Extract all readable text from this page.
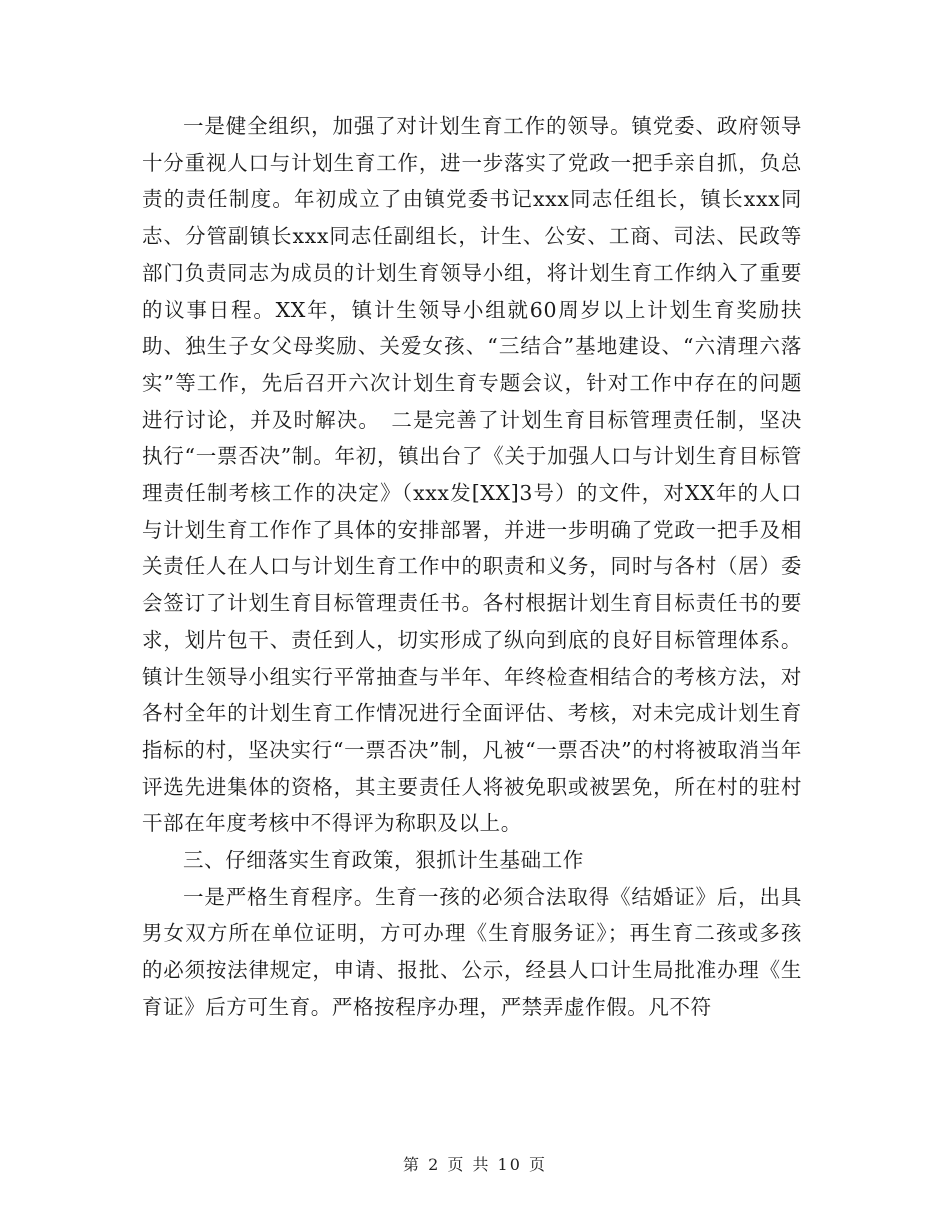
一是健全组织，加强了对计划生育工作的领导。镇党委、政府领导十分重视人口与计划生育工作，进一步落实了党政一把手亲自抓，负总责的责任制度。年初成立了由镇党委书记xxx同志任组长，镇长xxx同志、分管副镇长xxx同志任副组长，计生、公安、工商、司法、民政等部门负责同志为成员的计划生育领导小组，将计划生育工作纳入了重要的议事日程。XX年，镇计生领导小组就60周岁以上计划生育奖励扶助、独生子女父母奖励、关爱女孩、“三结合”基地建设、“六清理六落实”等工作，先后召开六次计划生育专题会议，针对工作中存在的问题进行讨论，并及时解决。　二是完善了计划生育目标管理责任制，坚决执行“一票否决”制。年初，镇出台了《关于加强人口与计划生育目标管理责任制考核工作的决定》（xxx发[XX]3号）的文件，对XX年的人口与计划生育工作作了具体的安排部署，并进一步明确了党政一把手及相关责任人在人口与计划生育工作中的职责和义务，同时与各村（居）委会签订了计划生育目标管理责任书。各村根据计划生育目标责任书的要求，划片包干、责任到人，切实形成了纵向到底的良好目标管理体系。镇计生领导小组实行平常抽查与半年、年终检查相结合的考核方法，对各村全年的计划生育工作情况进行全面评估、考核，对未完成计划生育指标的村，坚决实行“一票否决”制，凡被“一票否决”的村将被取消当年评选先进集体的资格，其主要责任人将被免职或被罢免，所在村的驻村干部在年度考核中不得评为称职及以上。

三、仔细落实生育政策，狠抓计生基础工作

一是严格生育程序。生育一孩的必须合法取得《结婚证》后，出具男女双方所在单位证明，方可办理《生育服务证》；再生育二孩或多孩的必须按法律规定，申请、报批、公示，经县人口计生局批准办理《生育证》后方可生育。严格按程序办理，严禁弄虚作假。凡不符

第 2 页 共 10 页
